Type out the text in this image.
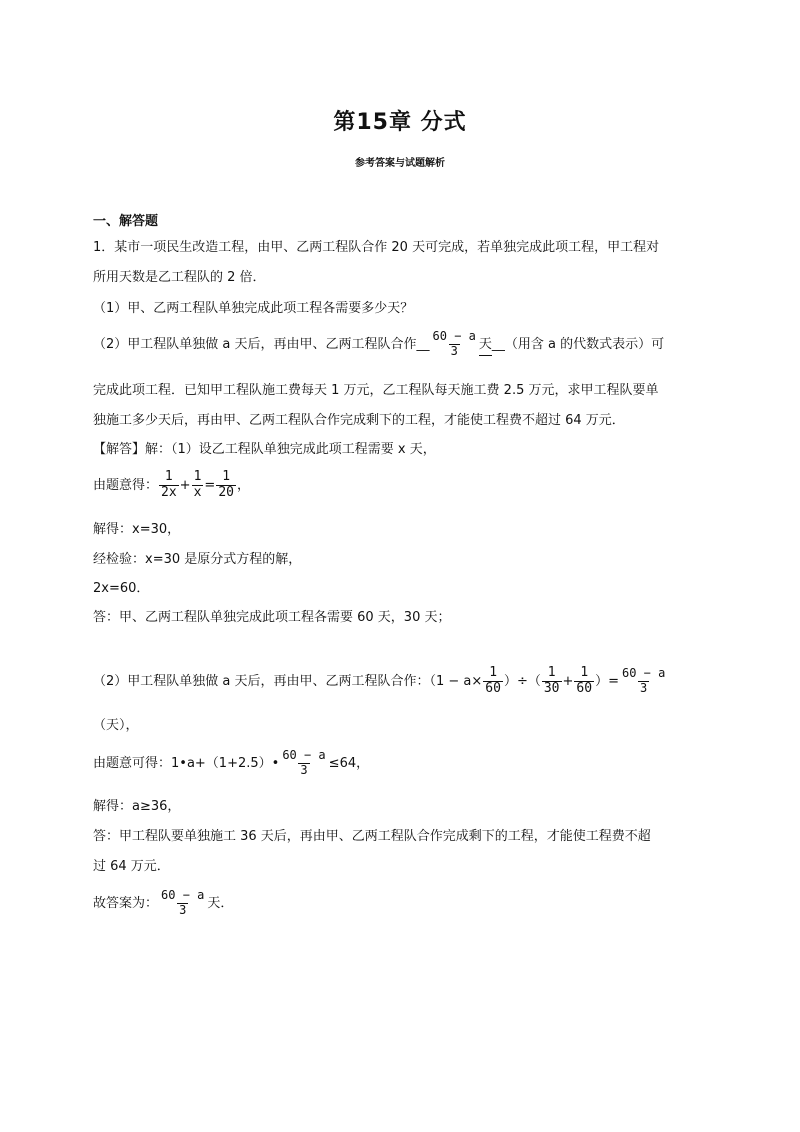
第15章 分式
参考答案与试题解析
一、解答题
1．某市一项民生改造工程，由甲、乙两工程队合作 20 天可完成，若单独完成此项工程，甲工程对
所用天数是乙工程队的 2 倍．
（1）甲、乙两工程队单独完成此项工程各需要多少天？
（2）甲工程队单独做 a 天后，再由甲、乙两工程队合作__ $\frac{60 - a}{3}$ 天__（用含 a 的代数式表示）可
完成此项工程．已知甲工程队施工费每天 1 万元，乙工程队每天施工费 2.5 万元，求甲工程队要单
独施工多少天后，再由甲、乙两工程队合作完成剩下的工程，才能使工程费不超过 64 万元．
【解答】解：（1）设乙工程队单独完成此项工程需要 x 天，
由题意得： $\frac{1}{2x} + \frac{1}{x} = \frac{1}{20}$ ，
解得：x=30，
经检验：x=30 是原分式方程的解，
2x=60．
答：甲、乙两工程队单独完成此项工程各需要 60 天，30 天；
（2）甲工程队单独做 a 天后，再由甲、乙两工程队合作：（$1 - a\times \frac{1}{60}$ ）÷（ $\frac{1}{30} + \frac{1}{60}$ ）= $\frac{60 - a}{3}$
（天），
由题意可得：1•a+（1+2.5）• $\frac{60 - a}{3} \le 64$，
解得：a≥36，
答：甲工程队要单独施工 36 天后，再由甲、乙两工程队合作完成剩下的工程，才能使工程费不超
过 64 万元．
故答案为： $\frac{60 - a}{3}$ 天．
